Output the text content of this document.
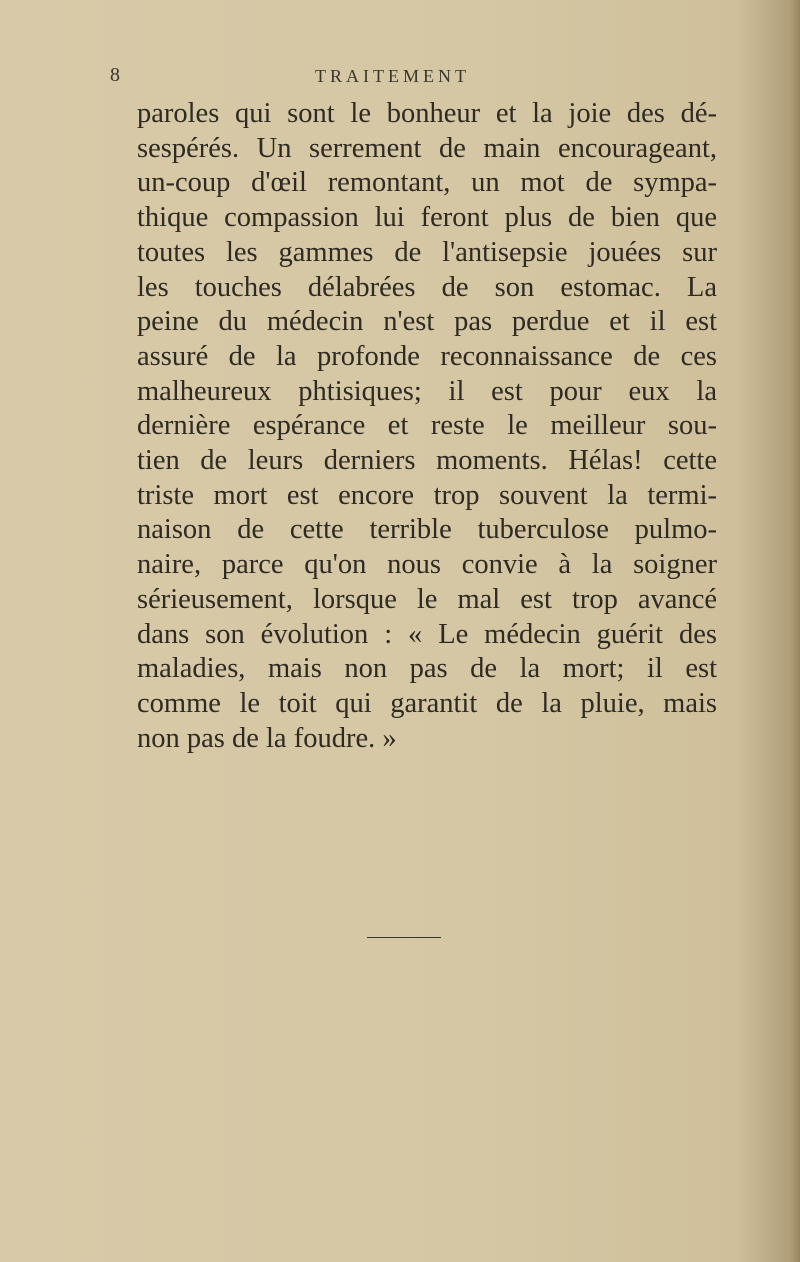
8	TRAITEMENT
paroles qui sont le bonheur et la joie des dé-
sespérés. Un serrement de main encourageant,
un-coup d'œil remontant, un mot de sympa-
thique compassion lui feront plus de bien que
toutes les gammes de l'antisepsie jouées sur
les touches délabrées de son estomac. La
peine du médecin n'est pas perdue et il est
assuré de la profonde reconnaissance de ces
malheureux phtisiques; il est pour eux la
dernière espérance et reste le meilleur sou-
tien de leurs derniers moments. Hélas! cette
triste mort est encore trop souvent la termi-
naison de cette terrible tuberculose pulmo-
naire, parce qu'on nous convie à la soigner
sérieusement, lorsque le mal est trop avancé
dans son évolution : « Le médecin guérit des
maladies, mais non pas de la mort; il est
comme le toit qui garantit de la pluie, mais
non pas de la foudre. »
